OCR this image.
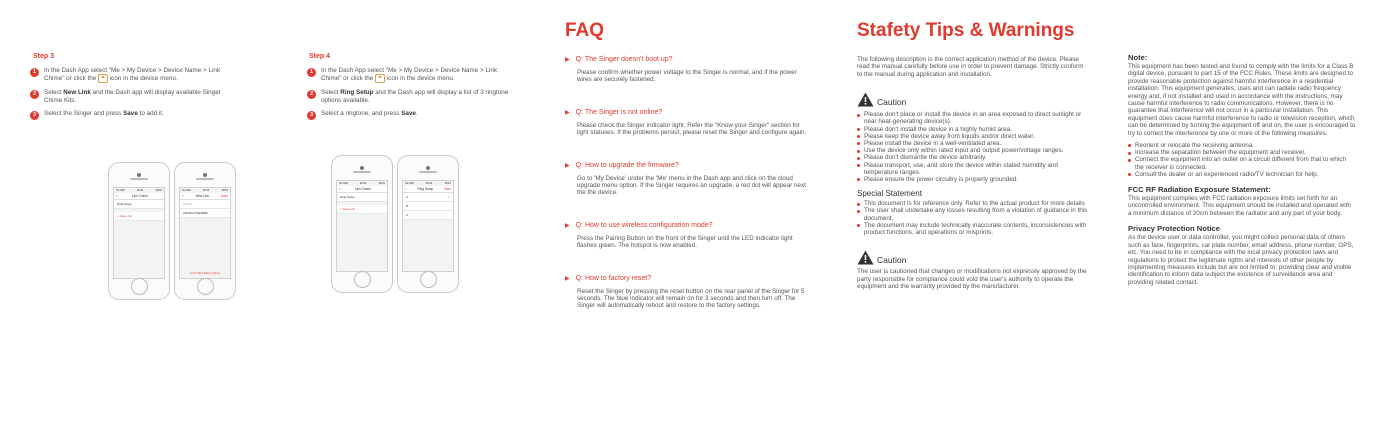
Step 3
1	In the Dash App select "Me > My Device > Device Name > Link Chime" or click the ⚭ icon in the device menu.
2	Select New Link and the Dash app will display available Singer Chime Kits.
3	Select the Singer and press Save to add it.
No SIM	18:44	100%
<	Link Chime
Ring Setup
+ New Link
No SIM	18:44	100%
<	New Link	Save
Chime
A8CECA7SE3BBF
Link Third Party Chime
Step 4
1	In the Dash App select "Me > My Device > Device Name > Link Chime" or click the ⚭ icon in the device menu.
2	Select Ring Setup and the Dash app will display a list of 3 ringtone options available.
3	Select a ringtone, and press Save.
No SIM	18:44	100%
<	Link Chime
Ring Setup
+ New Link
No SIM	18:44	100%
<	Ring Setup	Save
A	✓
B
C
FAQ
▶ Q: The Singer doesn't boot up?
Please confirm whether power voltage to the Singer is normal, and if the power wires are securely fastened.
▶ Q: The Singer is not online?
Please check the Singer indicator light. Refer the "Know your Singer" section for light statuses. If the problems persist, please reset the Singer and configure again.
▶ Q: How to upgrade the firmware?
Go to 'My Device' under the 'Me' menu in the Dash app and click on the cloud upgrade menu option. If the Singer requires an upgrade, a red dot will appear next the the device.
▶ Q: How to use wireless configuration mode?
Press the Pairing Button on the front of the Singer until the LED indicator light flashes green. The hotspot is now enabled.
▶ Q: How to factory reset?
Reset the Singer by pressing the reset button on the rear panel of the Singer for 5 seconds. The blue indicator will remain on for 3 seconds and then turn off. The Singer will automatically reboot and restore to the factory settings.
Stafety Tips & Warnings
The following description is the correct application method of the device. Please read the manual carefully before use in order to prevent damage. Strictly conform to the manual during application and installation.
Caution
Please don't place or install the device in an area exposed to direct sunlight or near heat-generating device(s).
Please don't install the device in a highly humid area.
Please keep the device away from liquids and/or direct water.
Please install the device in a well-ventilated area.
Use the device only within rated input and output power/voltage ranges.
Please don't dismantle the device arbitrarily.
Please transport, use, and store the device within stated humidity and temperature ranges.
Please ensure the power circuitry is properly grounded.
Special Statement
This document is for reference only. Refer to the actual product for more details
The user shall undertake any losses resulting from a violation of guidance in this document.
The document may include technically inaccurate contents, inconsistencies with product functions, and operations or misprints.
Caution
The user is cautioned that changes or modifications not expressly approved by the party responsible for compliance could void the user's authority to operate the equipment and the warranty provided by the manufacturer.
Note:
This equipment has been tested and found to comply with the limits for a Class B digital device, pursuant to part 15 of the FCC Rules. These limits are designed to provide reasonable protection against harmful interference in a residential installation. This equipment generates, uses and can radiate radio frequency energy and, if not installed and used in accordance with the instructions, may cause harmful interference to radio communications. However, there is no guarantee that interference will not occur in a particular installation. This equipment does cause harmful interference to radio or television reception, which can be determined by turning the equipment off and on, the user is encouraged to try to correct the interference by one or more of the following measures.
Reorient or relocate the receiving antenna.
Increase the separation between the equipment and receiver.
Connect the equipment into an outlet on a circuit different from that to which the receiver is connected.
Consult the dealer or an experienced radio/TV technician for help.
FCC RF Radiation Exposure Statement:
This equipment complies with FCC radiation exposure limits set forth for an uncontrolled environment. This equipment should be installed and operated with a minimum distance of 20cm between the radiator and any part of your body.
Privacy Protection Notice
As the device user or data controller, you might collect personal data of others such as face, fingerprints, car plate number, email address, phone number, GPS, etc. You need to be in compliance with the local privacy protection laws and regulations to protect the legitimate rights and interests of other people by implementing measures include but are not limited to: providing clear and visible identification to inform data subject the existence of surveillance area and providing related contact.
